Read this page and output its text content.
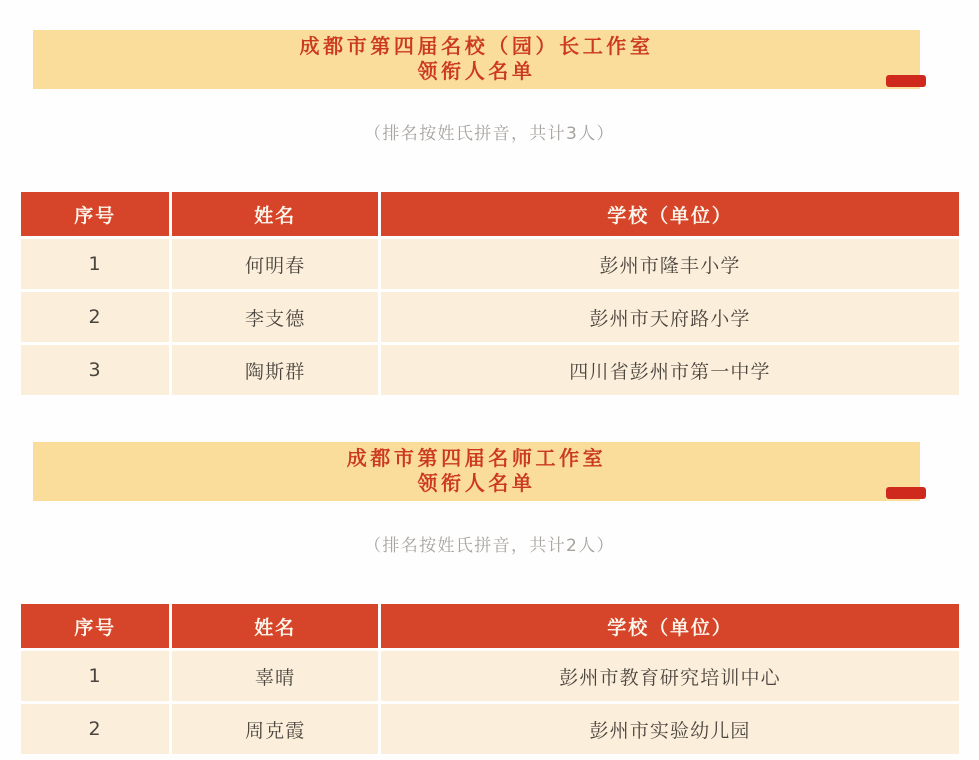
成都市第四届名校（园）长工作室
领衔人名单
（排名按姓氏拼音，共计3人）
序号	姓名	学校（单位）
1	何明春	彭州市隆丰小学
2	李支德	彭州市天府路小学
3	陶斯群	四川省彭州市第一中学
成都市第四届名师工作室
领衔人名单
（排名按姓氏拼音，共计2人）
序号	姓名	学校（单位）
1	辜晴	彭州市教育研究培训中心
2	周克霞	彭州市实验幼儿园
